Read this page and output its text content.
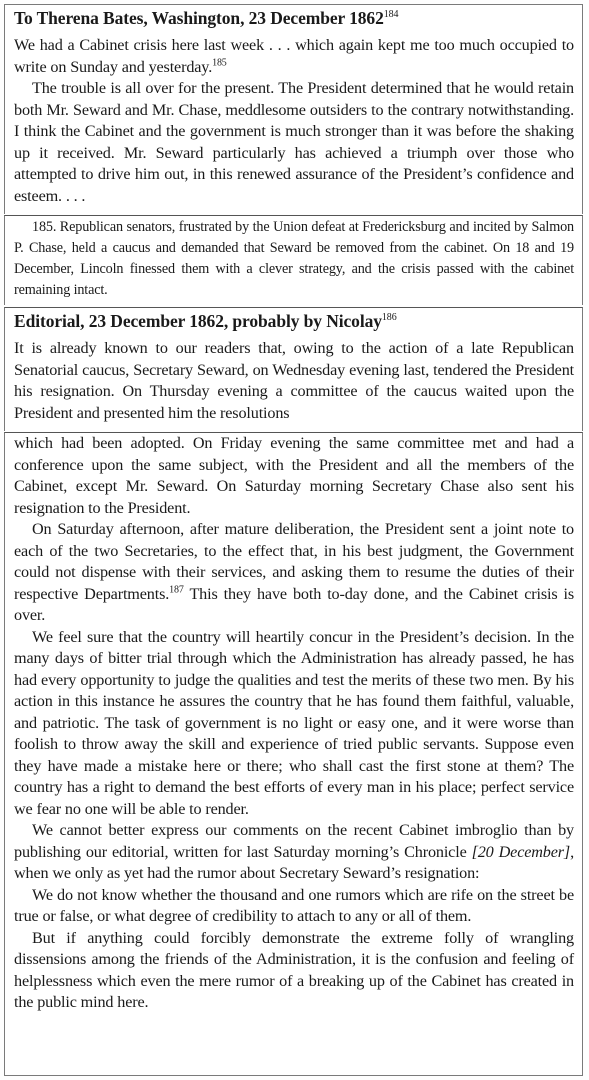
To Therena Bates, Washington, 23 December 1862$^{184}$

We had a Cabinet crisis here last week . . . which again kept me too much occupied to write on Sunday and yesterday.$^{185}$

The trouble is all over for the present. The President determined that he would retain both Mr. Seward and Mr. Chase, meddlesome outsiders to the contrary notwithstanding. I think the Cabinet and the government is much stronger than it was before the shaking up it received. Mr. Seward particularly has achieved a triumph over those who attempted to drive him out, in this renewed assurance of the President’s confidence and esteem. . . .

185. Republican senators, frustrated by the Union defeat at Fredericksburg and incited by Salmon P. Chase, held a caucus and demanded that Seward be removed from the cabinet. On 18 and 19 December, Lincoln finessed them with a clever strategy, and the crisis passed with the cabinet remaining intact.

Editorial, 23 December 1862, probably by Nicolay$^{186}$

It is already known to our readers that, owing to the action of a late Republican Senatorial caucus, Secretary Seward, on Wednesday evening last, tendered the President his resignation. On Thursday evening a committee of the caucus waited upon the President and presented him the resolutions

which had been adopted. On Friday evening the same committee met and had a conference upon the same subject, with the President and all the members of the Cabinet, except Mr. Seward. On Saturday morning Secretary Chase also sent his resignation to the President.

On Saturday afternoon, after mature deliberation, the President sent a joint note to each of the two Secretaries, to the effect that, in his best judgment, the Government could not dispense with their services, and asking them to resume the duties of their respective Departments.$^{187}$ This they have both to-day done, and the Cabinet crisis is over.

We feel sure that the country will heartily concur in the President’s decision. In the many days of bitter trial through which the Administration has already passed, he has had every opportunity to judge the qualities and test the merits of these two men. By his action in this instance he assures the country that he has found them faithful, valuable, and patriotic. The task of government is no light or easy one, and it were worse than foolish to throw away the skill and experience of tried public servants. Suppose even they have made a mistake here or there; who shall cast the first stone at them? The country has a right to demand the best efforts of every man in his place; perfect service we fear no one will be able to render.

We cannot better express our comments on the recent Cabinet imbroglio than by publishing our editorial, written for last Saturday morning’s Chronicle [20 December], when we only as yet had the rumor about Secretary Seward’s resignation:

We do not know whether the thousand and one rumors which are rife on the street be true or false, or what degree of credibility to attach to any or all of them.

But if anything could forcibly demonstrate the extreme folly of wrangling dissensions among the friends of the Administration, it is the confusion and feeling of helplessness which even the mere rumor of a breaking up of the Cabinet has created in the public mind here.
